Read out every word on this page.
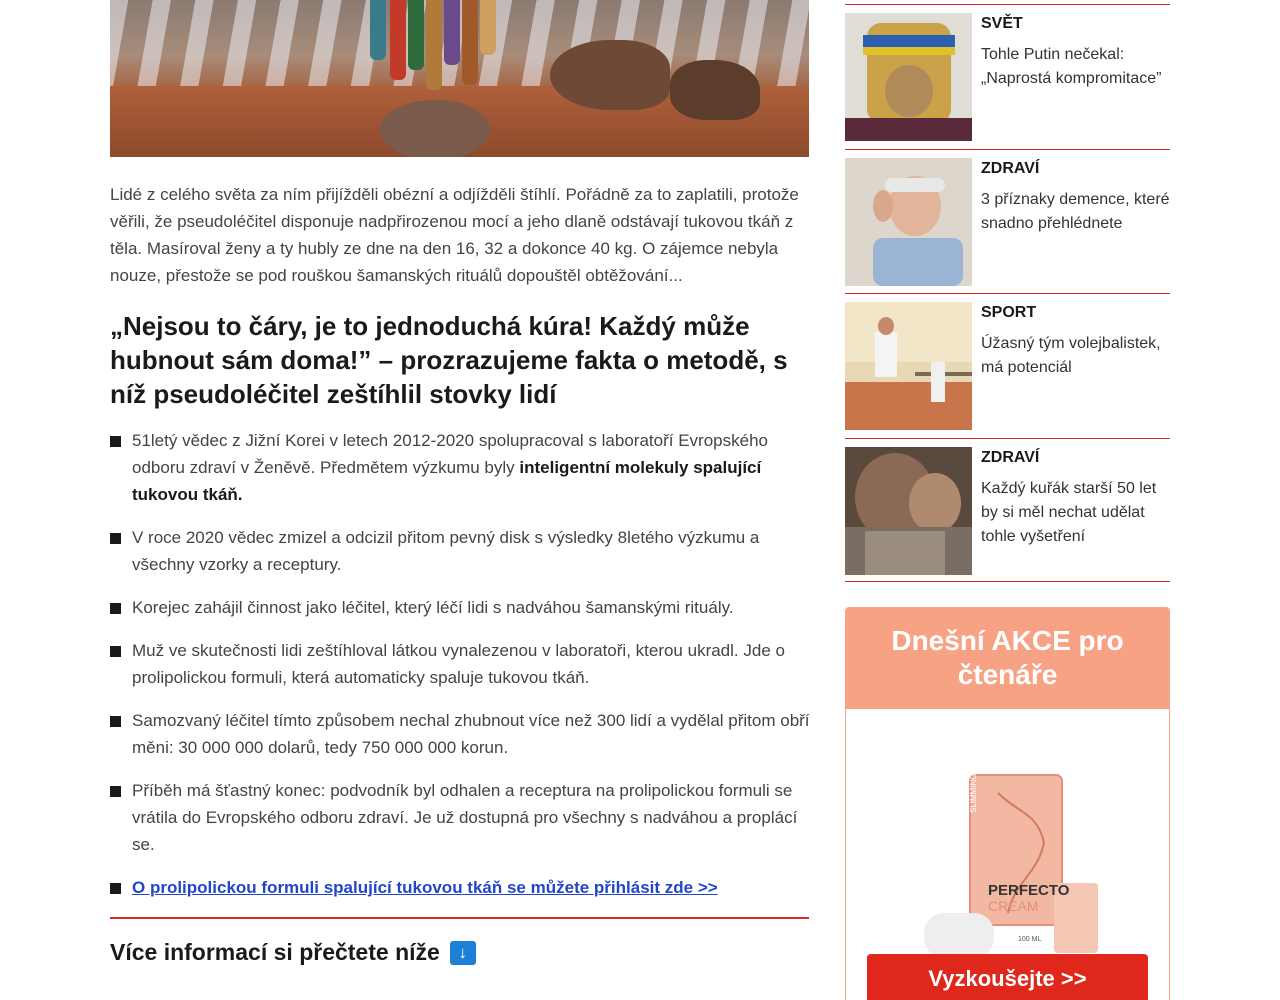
Lidé z celého světa za ním přijížděli obézní a odjížděli štíhlí. Pořádně za to zaplatili, protože věřili, že pseudoléčitel disponuje nadpřirozenou mocí a jeho dlaně odstávají tukovou tkáň z těla. Masíroval ženy a ty hubly ze dne na den 16, 32 a dokonce 40 kg. O zájemce nebyla nouze, přestože se pod rouškou šamanských rituálů dopouštěl obtěžování...

„Nejsou to čáry, je to jednoduchá kúra! Každý může hubnout sám doma!” – prozrazujeme fakta o metodě, s níž pseudoléčitel zeštíhlil stovky lidí
51letý vědec z Jižní Korei v letech 2012-2020 spolupracoval s laboratoří Evropského odboru zdraví v Ženěvě. Předmětem výzkumu byly inteligentní molekuly spalující tukovou tkáň.
V roce 2020 vědec zmizel a odcizil přitom pevný disk s výsledky 8letého výzkumu a všechny vzorky a receptury.
Korejec zahájil činnost jako léčitel, který léčí lidi s nadváhou šamanskými rituály.
Muž ve skutečnosti lidi zeštíhloval látkou vynalezenou v laboratoři, kterou ukradl. Jde o prolipolickou formuli, která automaticky spaluje tukovou tkáň.
Samozvaný léčitel tímto způsobem nechal zhubnout více než 300 lidí a vydělal přitom obří měni: 30 000 000 dolarů, tedy 750 000 000 korun.
Příběh má šťastný konec: podvodník byl odhalen a receptura na prolipolickou formuli se vrátila do Evropského odboru zdraví. Je už dostupná pro všechny s nadváhou a proplácí se.
O prolipolickou formuli spalující tukovou tkáň se můžete přihlásit zde >>
Více informací si přečtete níže	↓
SVĚT
Tohle Putin nečekal: „Naprostá kompromitace”
ZDRAVÍ
3 příznaky demence, které snadno přehlédnete
SPORT
Úžasný tým volejbalistek, má potenciál
ZDRAVÍ
Každý kuřák starší 50 let by si měl nechat udělat tohle vyšetření
Dnešní AKCE pro čtenáře
SLIMMING CREAM
PERFECTO
CREAM
100 ML
Vyzkoušejte >>
